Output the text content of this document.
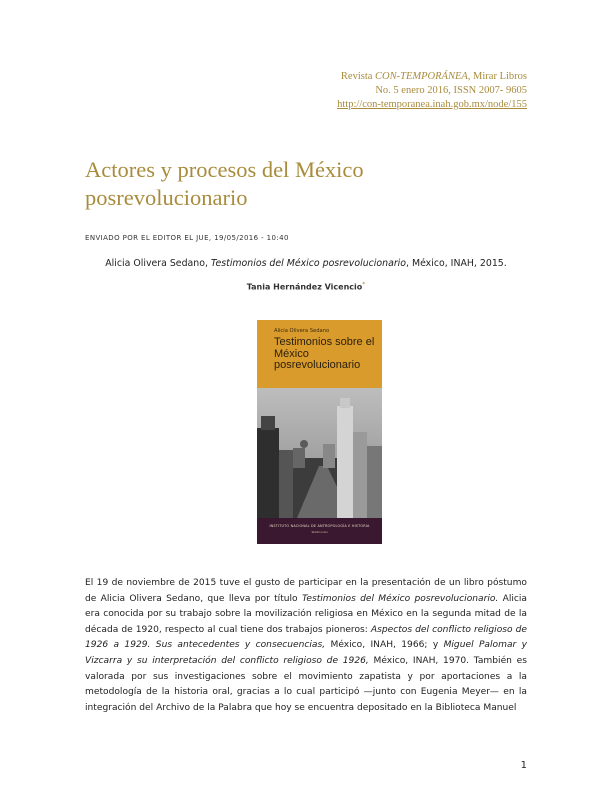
Revista CON-TEMPORÁNEA, Mirar Libros
No. 5 enero 2016, ISSN 2007- 9605
http://con-temporanea.inah.gob.mx/node/155
Actores y procesos del México posrevolucionario
ENVIADO POR EL EDITOR EL JUE, 19/05/2016 - 10:40
Alicia Olivera Sedano, Testimonios del México posrevolucionario, México, INAH, 2015.
Tania Hernández Vicencio*
Alicia Olivera Sedano
Testimonios sobre el México posrevolucionario
INSTITUTO NACIONAL DE ANTROPOLOGÍA E HISTORIA
Testimonios

El 19 de noviembre de 2015 tuve el gusto de participar en la presentación de un libro póstumo de Alicia Olivera Sedano, que lleva por título Testimonios del México posrevolucionario. Alicia era conocida por su trabajo sobre la movilización religiosa en México en la segunda mitad de la década de 1920, respecto al cual tiene dos trabajos pioneros: Aspectos del conflicto religioso de 1926 a 1929. Sus antecedentes y consecuencias, México, INAH, 1966; y Miguel Palomar y Vizcarra y su interpretación del conflicto religioso de 1926, México, INAH, 1970. También es valorada por sus investigaciones sobre el movimiento zapatista y por aportaciones a la metodología de la historia oral, gracias a lo cual participó —junto con Eugenia Meyer— en la integración del Archivo de la Palabra que hoy se encuentra depositado en la Biblioteca Manuel

1
